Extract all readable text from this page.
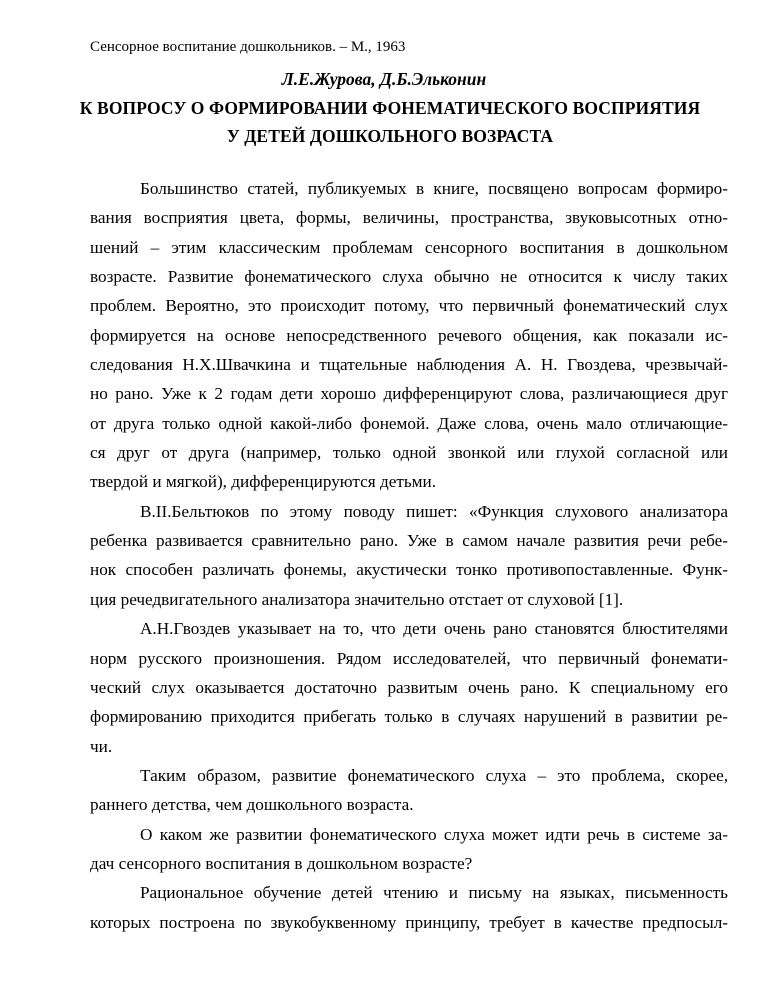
Сенсорное воспитание дошкольников. – М., 1963
Л.Е.Журова, Д.Б.Эльконин
К ВОПРОСУ О ФОРМИРОВАНИИ ФОНЕМАТИЧЕСКОГО ВОСПРИЯТИЯ
У ДЕТЕЙ ДОШКОЛЬНОГО ВОЗРАСТА
Большинство статей, публикуемых в книге, посвящено вопросам формиро-
вания восприятия цвета, формы, величины, пространства, звуковысотных отно-
шений – этим классическим проблемам сенсорного воспитания в дошкольном
возрасте. Развитие фонематического слуха обычно не относится к числу таких
проблем. Вероятно, это происходит потому, что первичный фонематический слух
формируется на основе непосредственного речевого общения, как показали ис-
следования Н.Х.Швачкина и тщательные наблюдения А. Н. Гвоздева, чрезвычай-
но рано. Уже к 2 годам дети хорошо дифференцируют слова, различающиеся друг
от друга только одной какой-либо фонемой. Даже слова, очень мало отличающие-
ся друг от друга (например, только одной звонкой или глухой согласной или
твердой и мягкой), дифференцируются детьми.
В.II.Бельтюков по этому поводу пишет: «Функция слухового анализатора
ребенка развивается сравнительно рано. Уже в самом начале развития речи ребе-
нок способен различать фонемы, акустически тонко противопоставленные. Функ-
ция речедвигательного анализатора значительно отстает от слуховой [1].
А.Н.Гвоздев указывает на то, что дети очень рано становятся блюстителями
норм русского произношения. Рядом исследователей, что первичный фонемати-
ческий слух оказывается достаточно развитым очень рано. К специальному его
формированию приходится прибегать только в случаях нарушений в развитии ре-
чи.
Таким образом, развитие фонематического слуха – это проблема, скорее,
раннего детства, чем дошкольного возраста.
О каком же развитии фонематического слуха может идти речь в системе за-
дач сенсорного воспитания в дошкольном возрасте?
Рациональное обучение детей чтению и письму на языках, письменность
которых построена по звукобуквенному принципу, требует в качестве предпосыл-
